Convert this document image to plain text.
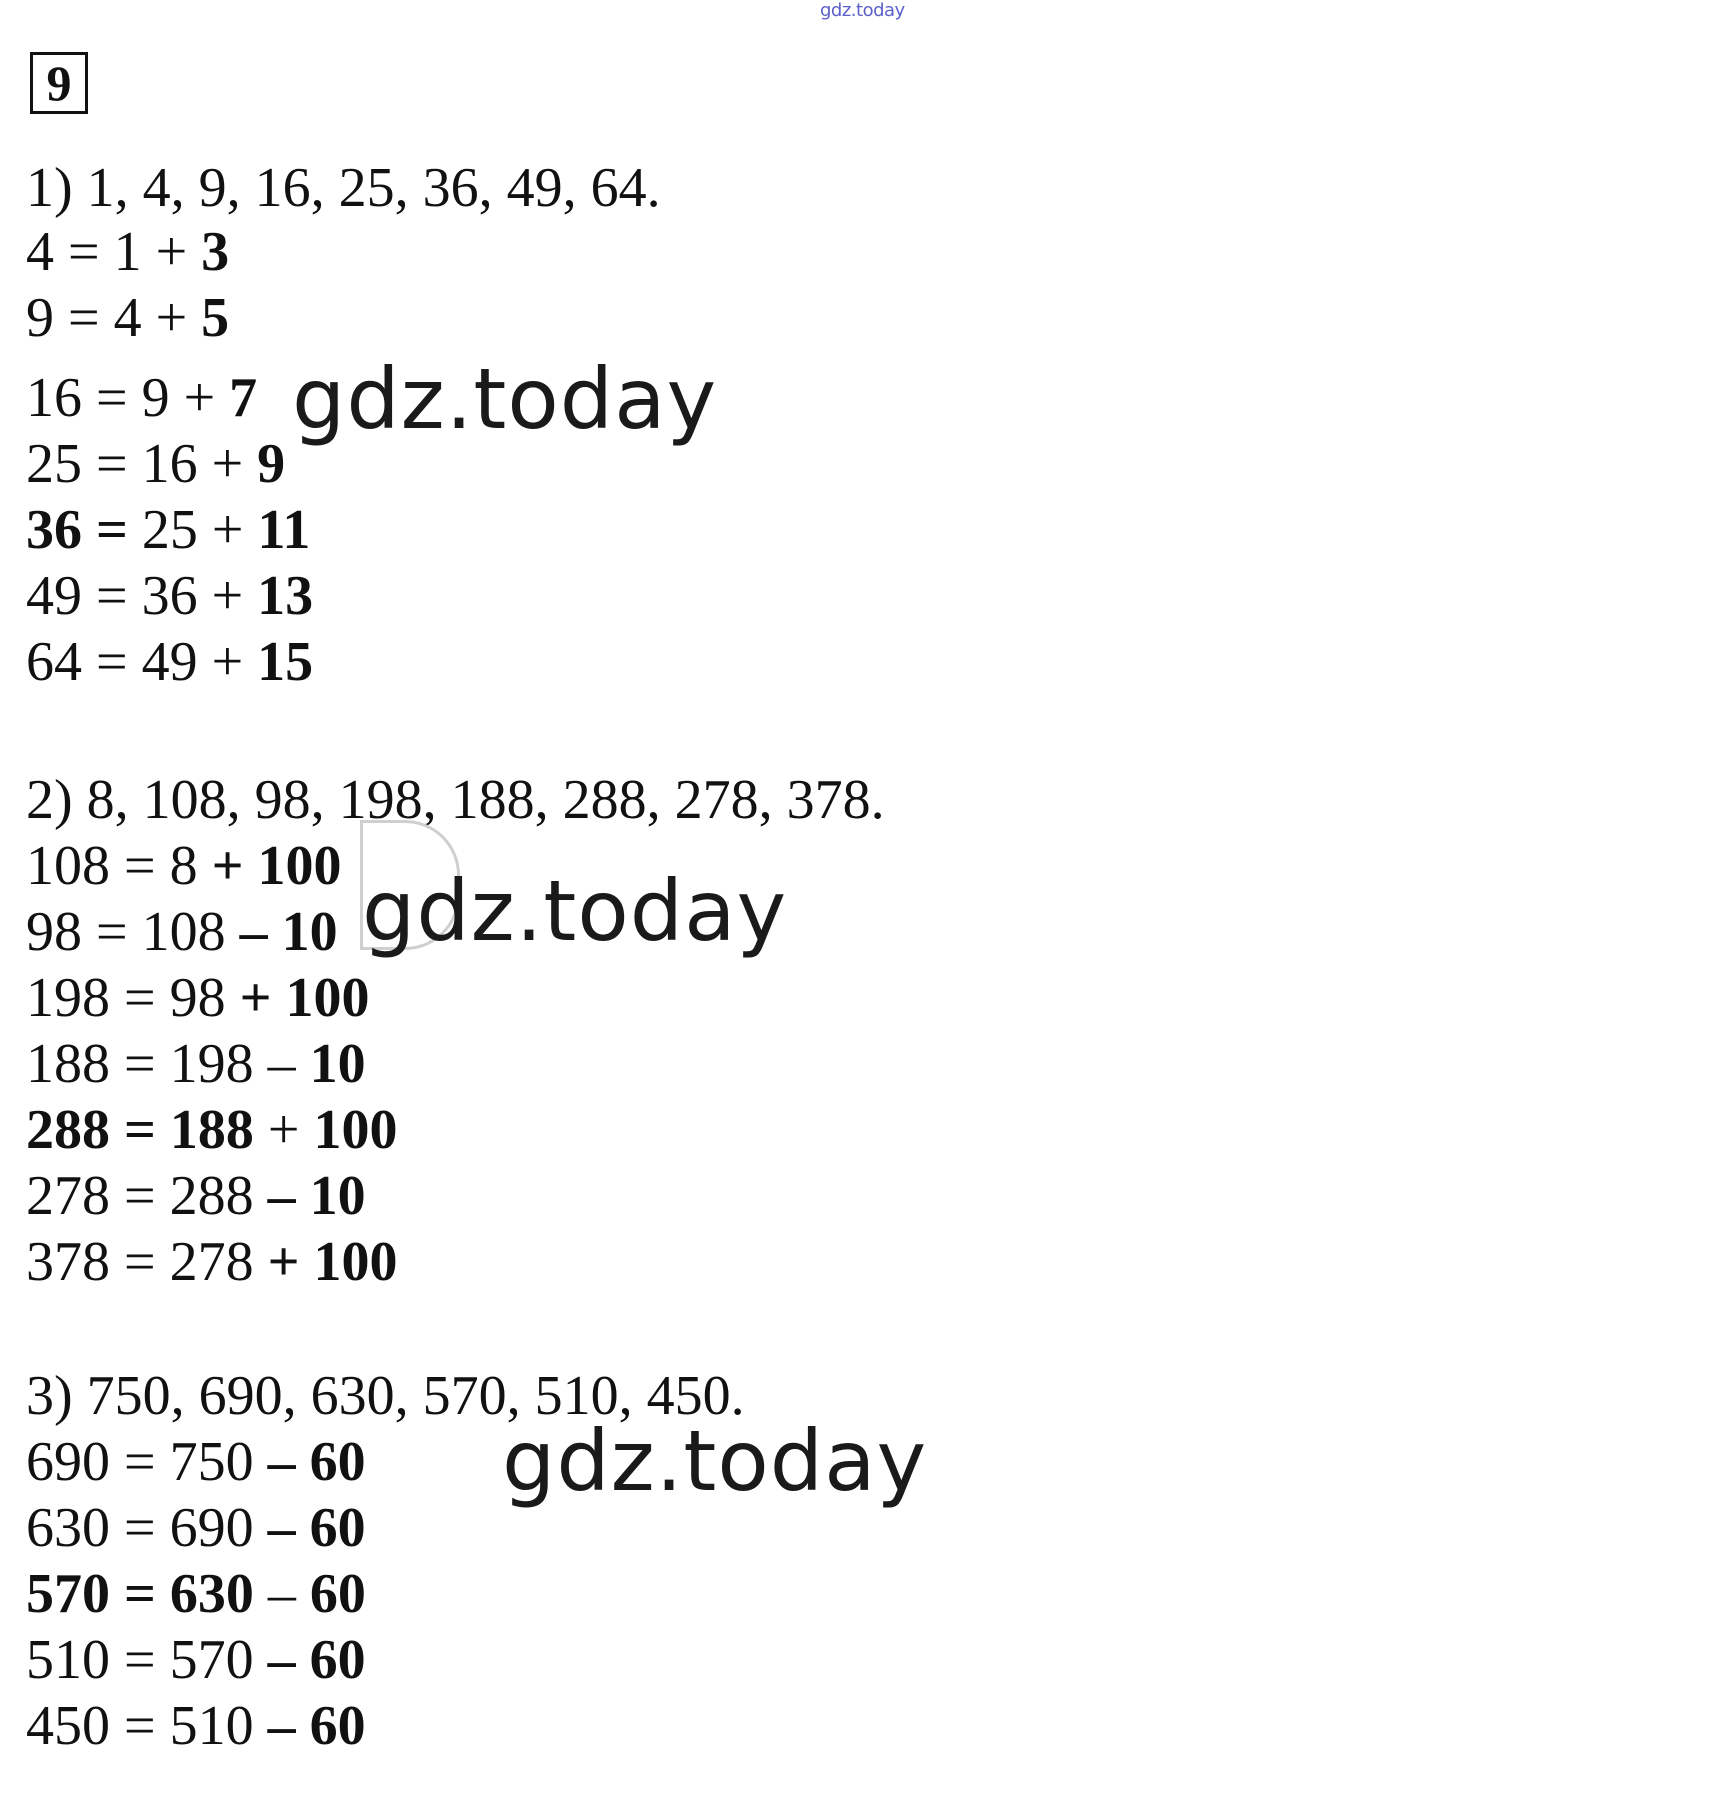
gdz.today
9
1) 1, 4, 9, 16, 25, 36, 49, 64.
4 = 1 + 3
9 = 4 + 5
16 = 9 + 7
25 = 16 + 9
36 = 25 + 11
49 = 36 + 13
64 = 49 + 15
2) 8, 108, 98, 198, 188, 288, 278, 378.
108 = 8 + 100
98 = 108 – 10
198 = 98 + 100
188 = 198 – 10
288 = 188 + 100
278 = 288 – 10
378 = 278 + 100
3) 750, 690, 630, 570, 510, 450.
690 = 750 – 60
630 = 690 – 60
570 = 630 – 60
510 = 570 – 60
450 = 510 – 60
gdz.today
gdz.today
gdz.today
